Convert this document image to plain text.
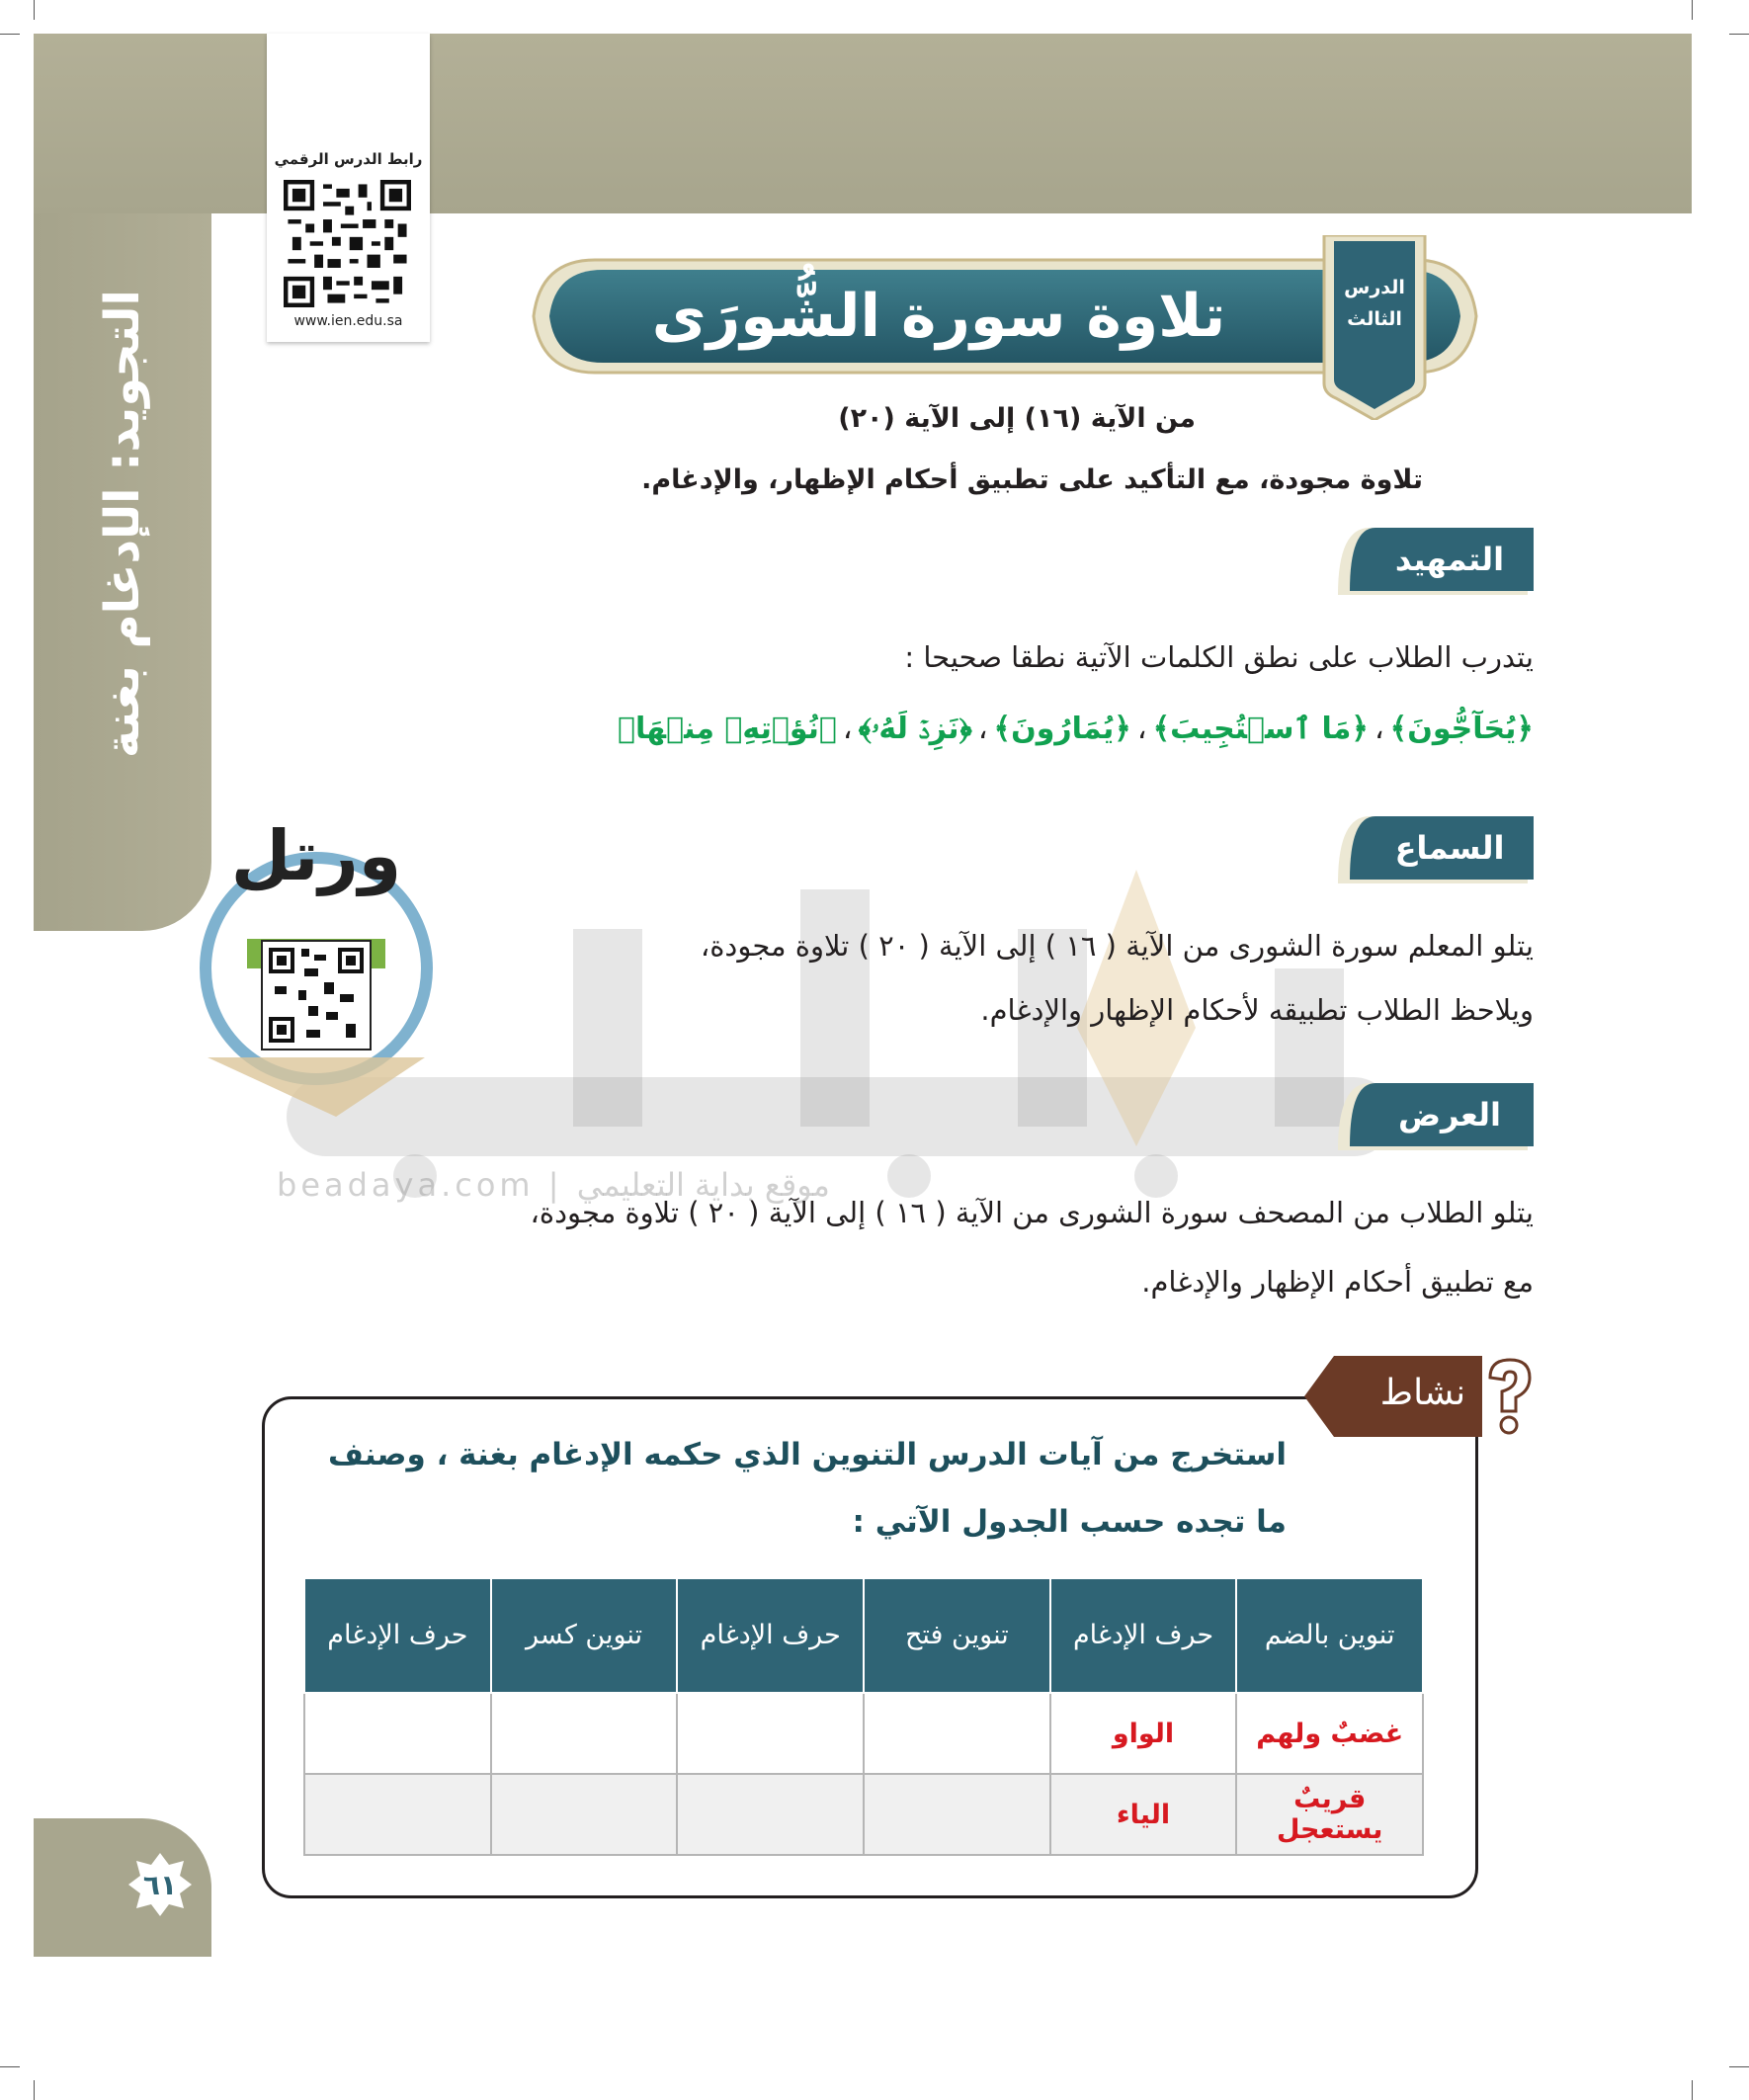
التجويد: الإدغام بغنة
رابط الدرس الرقمي
www.ien.edu.sa	تلاوة سورة الشُّورَى	الدرس
الثالث
من الآية (١٦) إلى الآية (٢٠)
تلاوة مجودة، مع التأكيد على تطبيق أحكام الإظهار، والإدغام.
beadaya.com | موقع بداية التعليمي
ورتل
التمهيد
يتدرب الطلاب على نطق الكلمات الآتية نطقا صحيحا :
﴿يُحَآجُّونَ﴾،﴿مَا ٱسۡتُجِيبَ﴾،﴿يُمَارُونَ﴾،﴿نَزِدۡ لَهُۥ﴾،﴿نُؤۡتِهِۦ مِنۡهَا﴾
السماع
يتلو المعلم سورة الشورى من الآية ( ١٦ ) إلى الآية ( ٢٠ ) تلاوة مجودة،
ويلاحظ الطلاب تطبيقه لأحكام الإظهار والإدغام.
العرض
يتلو الطلاب من المصحف سورة الشورى من الآية ( ١٦ ) إلى الآية ( ٢٠ ) تلاوة مجودة،
مع تطبيق أحكام الإظهار والإدغام.
نشاط
استخرج من آيات الدرس التنوين الذي حكمه الإدغام بغنة ، وصنف
ما تجده حسب الجدول الآتي :
تنوين بالضم	حرف الإدغام	تنوين فتح	حرف الإدغام	تنوين كسر	حرف الإدغام
غضبٌ ولهم	الواو				
قريبٌ يستعجل	الياء				
٦١
